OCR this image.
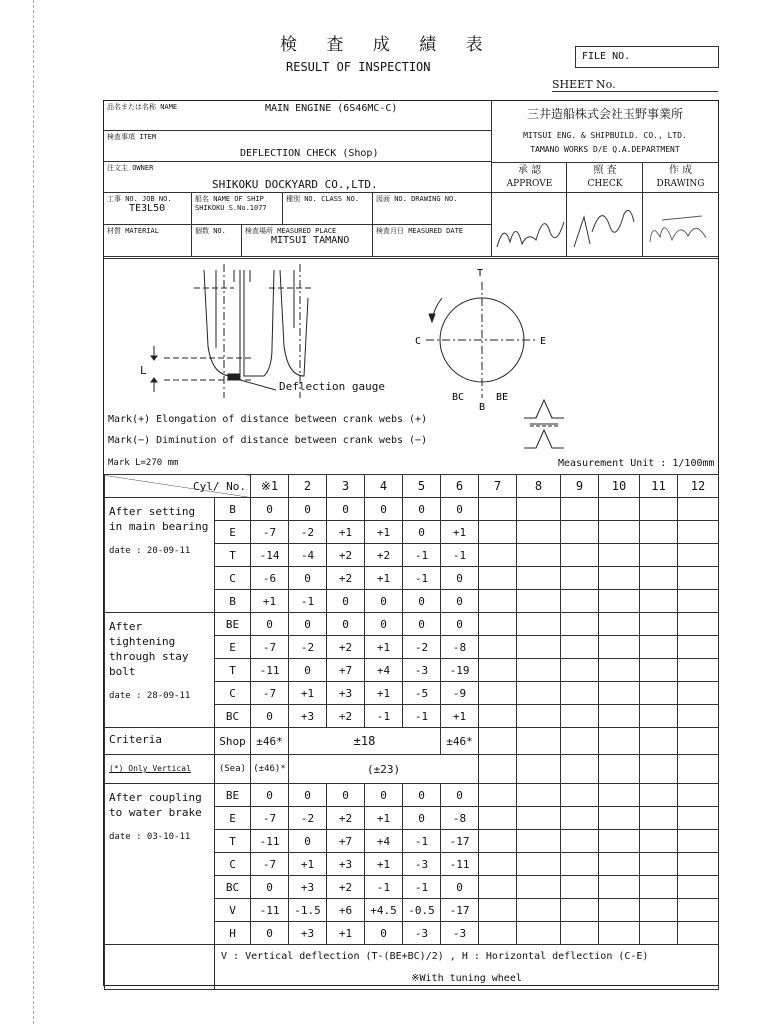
検 査 成 績 表
RESULT OF INSPECTION
FILE NO.
SHEET No.
品名または名称 NAME	MAIN ENGINE (6S46MC-C)
検査事項 ITEM
DEFLECTION CHECK (Shop)
注文主 OWNER
SHIKOKU DOCKYARD CO.,LTD.
工事 NO. JOB NO.
TE3L50
船名 NAME OF SHIP
SHIKOKU S.No.1077
種別 NO. CLASS NO.	図面 NO. DRAWING NO.
材質 MATERIAL	個数 NO.	検査場所 MEASURED PLACE
MITSUI TAMANO
検査月日 MEASURED DATE
三井造船株式会社玉野事業所
MITSUI ENG. & SHIPBUILD. CO., LTD.
TAMANO WORKS D/E Q.A.DEPARTMENT
承 認
APPROVE
照 査
CHECK
作 成
DRAWING
L
Deflection gauge
T
C	E
BC
B
BE
Mark(+) Elongation of distance between crank webs (+)
Mark(−) Diminution of distance between crank webs (−)
Mark L=270 mm	Measurement Unit : 1/100mm
Cyl/ No.		※1	2	3	4	5	6	7	8	9	10	11	12
After setting in main bearing
date : 20-09-11	B	0	0	0	0	0	0						
	E	-7	-2	+1	+1	0	+1						
	T	-14	-4	+2	+2	-1	-1						
	C	-6	0	+2	+1	-1	0						
	B	+1	-1	0	0	0	0						
After tightening through stay bolt
date : 28-09-11	BE	0	0	0	0	0	0						
	E	-7	-2	+2	+1	-2	-8						
	T	-11	0	+7	+4	-3	-19						
	C	-7	+1	+3	+1	-5	-9						
	BC	0	+3	+2	-1	-1	+1						
Criteria	Shop	±46*	±18				±46*						
(*) Only Vertical	(Sea)	(±46)*	(±23)										
After coupling to water brake
date : 03-10-11	BE	0	0	0	0	0	0						
	E	-7	-2	+2	+1	0	-8						
	T	-11	0	+7	+4	-1	-17						
	C	-7	+1	+3	+1	-3	-11						
	BC	0	+3	+2	-1	-1	0						
	V	-11	-1.5	+6	+4.5	-0.5	-17						
	H	0	+3	+1	0	-3	-3						
	V : Vertical deflection (T-(BE+BC)/2) , H : Horizontal deflection (C-E)												
	※With tuning wheel												
